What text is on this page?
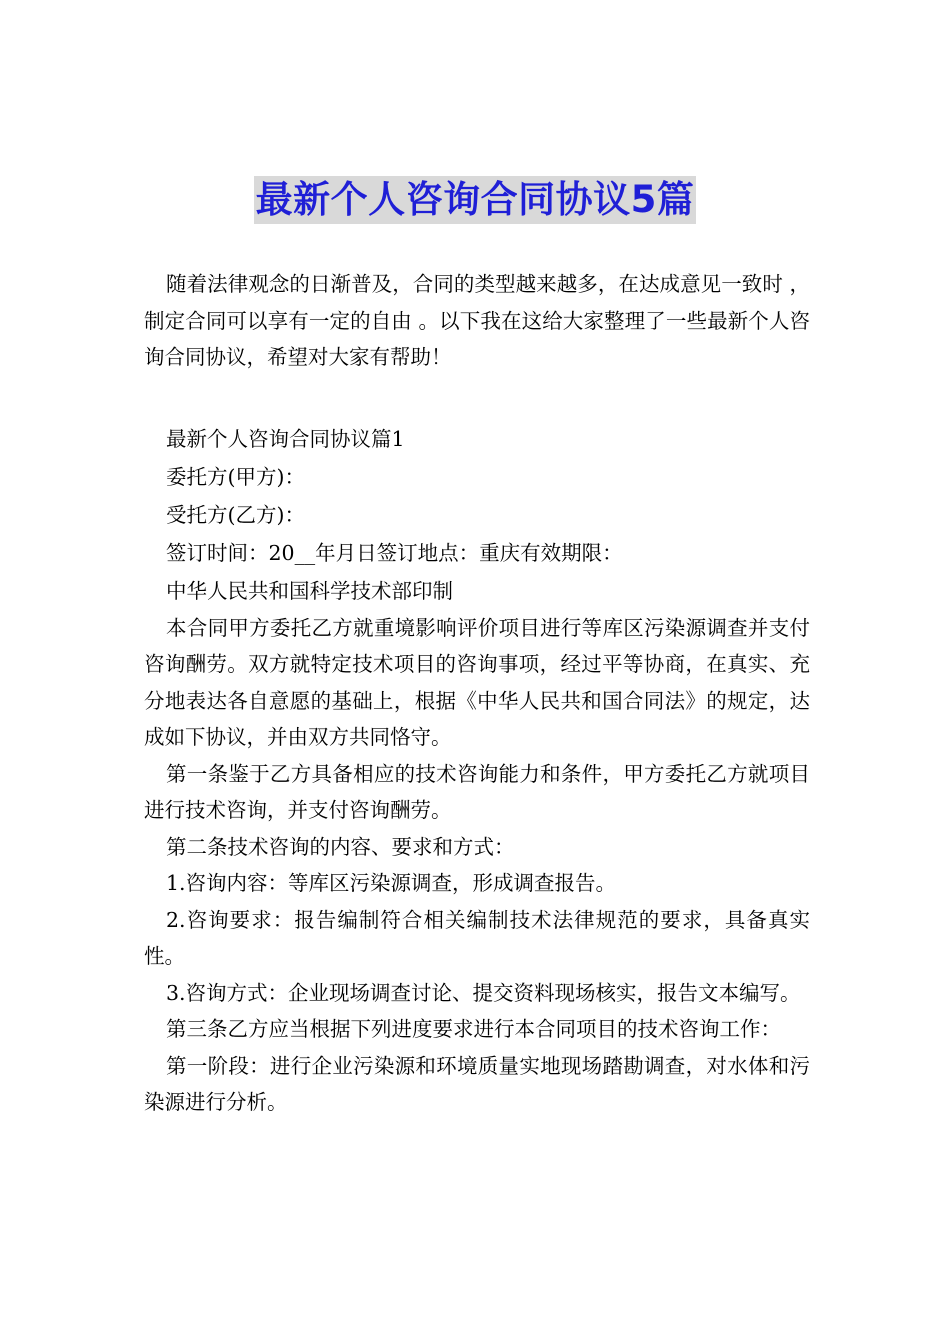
最新个人咨询合同协议5篇

随着法律观念的日渐普及，合同的类型越来越多，在达成意见一致时 ，制定合同可以享有一定的自由 。以下我在这给大家整理了一些最新个人咨询合同协议，希望对大家有帮助！

最新个人咨询合同协议篇1

委托方(甲方)：

受托方(乙方)：

签订时间：20__年月日签订地点：重庆有效期限：

中华人民共和国科学技术部印制

本合同甲方委托乙方就重境影响评价项目进行等库区污染源调查并支付咨询酬劳。双方就特定技术项目的咨询事项，经过平等协商，在真实、充分地表达各自意愿的基础上，根据《中华人民共和国合同法》的规定，达成如下协议，并由双方共同恪守。

第一条鉴于乙方具备相应的技术咨询能力和条件，甲方委托乙方就项目进行技术咨询，并支付咨询酬劳。

第二条技术咨询的内容、要求和方式：

1.咨询内容：等库区污染源调查，形成调查报告。

2.咨询要求：报告编制符合相关编制技术法律规范的要求，具备真实性。

3.咨询方式：企业现场调查讨论、提交资料现场核实，报告文本编写。

第三条乙方应当根据下列进度要求进行本合同项目的技术咨询工作：

第一阶段：进行企业污染源和环境质量实地现场踏勘调查，对水体和污染源进行分析。
